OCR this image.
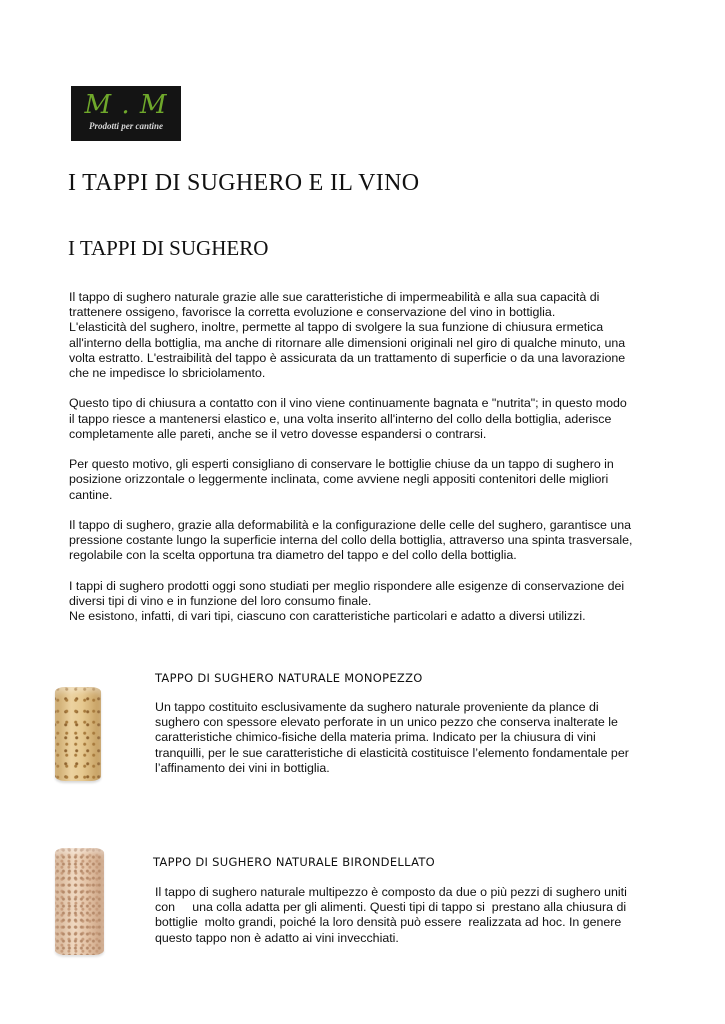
M . M
Prodotti per cantine
I TAPPI DI SUGHERO E IL VINO
I TAPPI DI SUGHERO

Il tappo di sughero naturale grazie alle sue caratteristiche di impermeabilità e alla sua capacità di
trattenere ossigeno, favorisce la corretta evoluzione e conservazione del vino in bottiglia.
L'elasticità del sughero, inoltre, permette al tappo di svolgere la sua funzione di chiusura ermetica
all'interno della bottiglia, ma anche di ritornare alle dimensioni originali nel giro di qualche minuto, una
volta estratto. L'estraibilità del tappo è assicurata da un trattamento di superficie o da una lavorazione
che ne impedisce lo sbriciolamento.

Questo tipo di chiusura a contatto con il vino viene continuamente bagnata e "nutrita"; in questo modo
il tappo riesce a mantenersi elastico e, una volta inserito all'interno del collo della bottiglia, aderisce
completamente alle pareti, anche se il vetro dovesse espandersi o contrarsi.

Per questo motivo, gli esperti consigliano di conservare le bottiglie chiuse da un tappo di sughero in
posizione orizzontale o leggermente inclinata, come avviene negli appositi contenitori delle migliori
cantine.

Il tappo di sughero, grazie alla deformabilità e la configurazione delle celle del sughero, garantisce una
pressione costante lungo la superficie interna del collo della bottiglia, attraverso una spinta trasversale,
regolabile con la scelta opportuna tra diametro del tappo e del collo della bottiglia.

I tappi di sughero prodotti oggi sono studiati per meglio rispondere alle esigenze di conservazione dei
diversi tipi di vino e in funzione del loro consumo finale.
Ne esistono, infatti, di vari tipi, ciascuno con caratteristiche particolari e adatto a diversi utilizzi.

TAPPO DI SUGHERO NATURALE MONOPEZZO
Un tappo costituito esclusivamente da sughero naturale proveniente da plance di
sughero con spessore elevato perforate in un unico pezzo che conserva inalterate le
caratteristiche chimico-fisiche della materia prima. Indicato per la chiusura di vini
tranquilli, per le sue caratteristiche di elasticità costituisce l’elemento fondamentale per
l’affinamento dei vini in bottiglia.
TAPPO DI SUGHERO NATURALE BIRONDELLATO
Il tappo di sughero naturale multipezzo è composto da due o più pezzi di sughero uniti
con     una colla adatta per gli alimenti. Questi tipi di tappo si  prestano alla chiusura di
bottiglie  molto grandi, poiché la loro densità può essere  realizzata ad hoc. In genere
questo tappo non è adatto ai vini invecchiati.
